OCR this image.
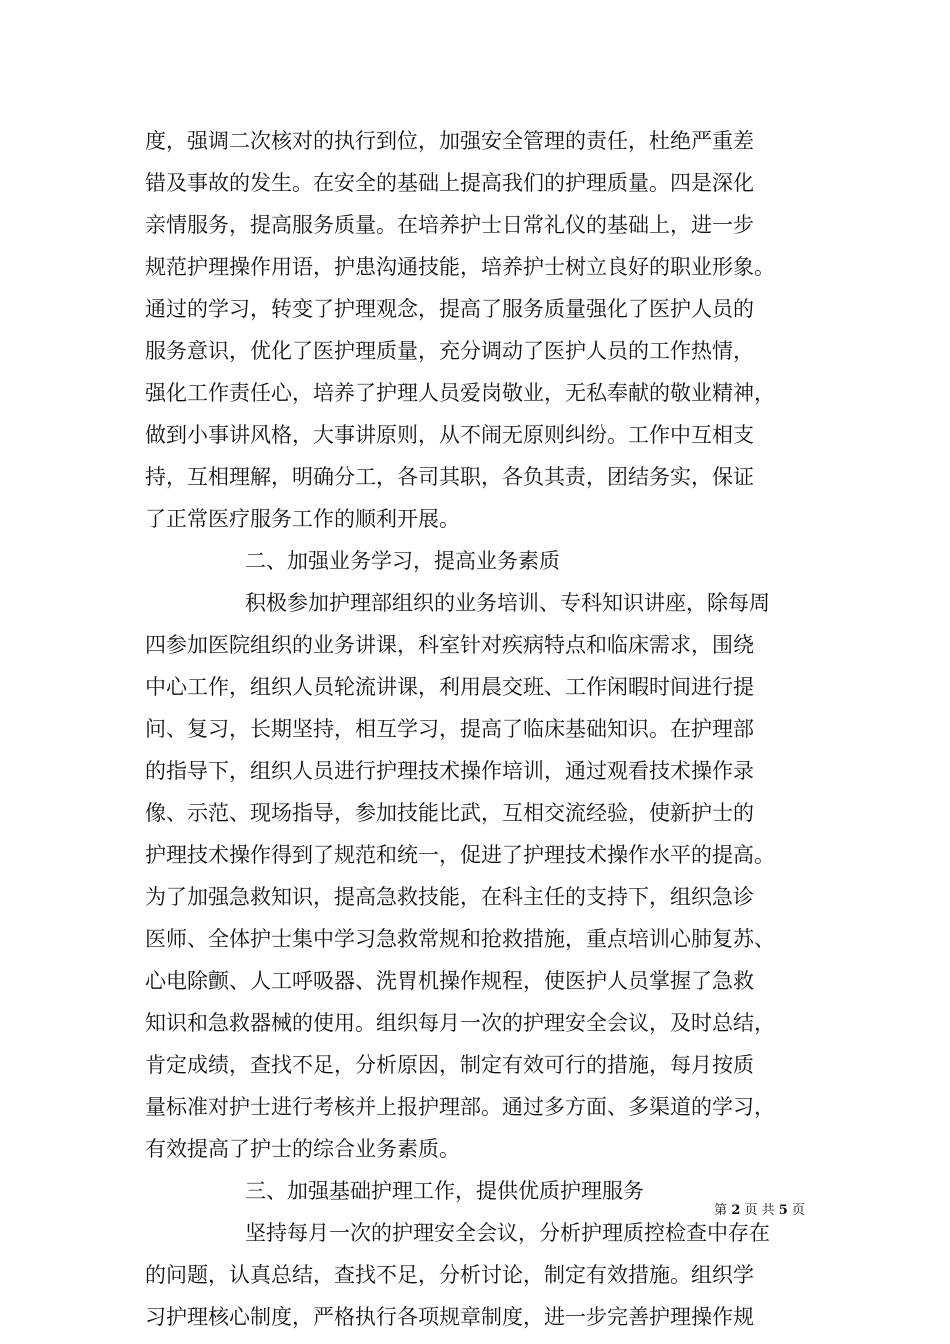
度，强调二次核对的执行到位，加强安全管理的责任，杜绝严重差
错及事故的发生。在安全的基础上提高我们的护理质量。四是深化
亲情服务，提高服务质量。在培养护士日常礼仪的基础上，进一步
规范护理操作用语，护患沟通技能，培养护士树立良好的职业形象。
通过的学习，转变了护理观念，提高了服务质量强化了医护人员的
服务意识，优化了医护理质量，充分调动了医护人员的工作热情，
强化工作责任心，培养了护理人员爱岗敬业，无私奉献的敬业精神，
做到小事讲风格，大事讲原则，从不闹无原则纠纷。工作中互相支
持，互相理解，明确分工，各司其职，各负其责，团结务实，保证
了正常医疗服务工作的顺利开展。
二、加强业务学习，提高业务素质
积极参加护理部组织的业务培训、专科知识讲座，除每周
四参加医院组织的业务讲课，科室针对疾病特点和临床需求，围绕
中心工作，组织人员轮流讲课，利用晨交班、工作闲暇时间进行提
问、复习，长期坚持，相互学习，提高了临床基础知识。在护理部
的指导下，组织人员进行护理技术操作培训，通过观看技术操作录
像、示范、现场指导，参加技能比武，互相交流经验，使新护士的
护理技术操作得到了规范和统一，促进了护理技术操作水平的提高。
为了加强急救知识，提高急救技能，在科主任的支持下，组织急诊
医师、全体护士集中学习急救常规和抢救措施，重点培训心肺复苏、
心电除颤、人工呼吸器、洗胃机操作规程，使医护人员掌握了急救
知识和急救器械的使用。组织每月一次的护理安全会议，及时总结，
肯定成绩，查找不足，分析原因，制定有效可行的措施，每月按质
量标准对护士进行考核并上报护理部。通过多方面、多渠道的学习，
有效提高了护士的综合业务素质。
三、加强基础护理工作，提供优质护理服务
坚持每月一次的护理安全会议，分析护理质控检查中存在
的问题，认真总结，查找不足，分析讨论，制定有效措施。组织学
习护理核心制度，严格执行各项规章制度，进一步完善护理操作规
第 2 页 共 5 页
